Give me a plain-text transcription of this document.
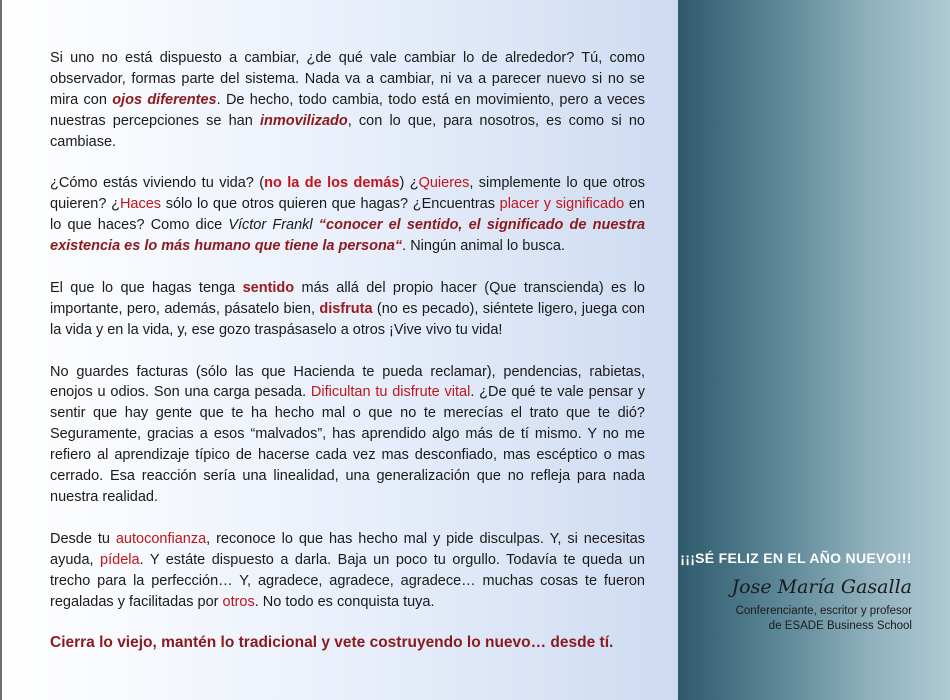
Si uno no está dispuesto a cambiar, ¿de qué vale cambiar lo de alrededor? Tú, como observador, formas parte del sistema. Nada va a cambiar, ni va a parecer nuevo si no se mira con ojos diferentes. De hecho, todo cambia, todo está en movimiento, pero a veces nuestras percepciones se han inmovilizado, con lo que, para nosotros, es como si no cambiase.

¿Cómo estás viviendo tu vida? (no la de los demás) ¿Quieres, simplemente lo que otros quieren? ¿Haces sólo lo que otros quieren que hagas? ¿Encuentras placer y significado en lo que haces? Como dice Víctor Frankl “conocer el sentido, el significado de nuestra existencia es lo más humano que tiene la persona“. Ningún animal lo busca.

El que lo que hagas tenga sentido más allá del propio hacer (Que transcienda) es lo importante, pero, además, pásatelo bien, disfruta (no es pecado), siéntete ligero, juega con la vida y en la vida, y, ese gozo traspásaselo a otros ¡Vive vivo tu vida!

No guardes facturas (sólo las que Hacienda te pueda reclamar), pendencias, rabietas, enojos u odios. Son una carga pesada. Dificultan tu disfrute vital. ¿De qué te vale pensar y sentir que hay gente que te ha hecho mal o que no te merecías el trato que te dió? Seguramente, gracias a esos “malvados”, has aprendido algo más de tí mismo. Y no me refiero al aprendizaje típico de hacerse cada vez mas desconfiado, mas escéptico o mas cerrado. Esa reacción sería una linealidad, una generalización que no refleja para nada nuestra realidad.

Desde tu autoconfianza, reconoce lo que has hecho mal y pide disculpas. Y, si necesitas ayuda, pídela. Y estáte dispuesto a darla. Baja un poco tu orgullo. Todavía te queda un trecho para la perfección… Y, agradece, agradece, agradece… muchas cosas te fueron regaladas y facilitadas por otros. No todo es conquista tuya.

Cierra lo viejo, mantén lo tradicional y vete costruyendo lo nuevo… desde tí.

¡¡¡SÉ FELIZ EN EL AÑO NUEVO!!!
Jose María Gasalla
Conferenciante, escritor y profesor
de ESADE Business School
